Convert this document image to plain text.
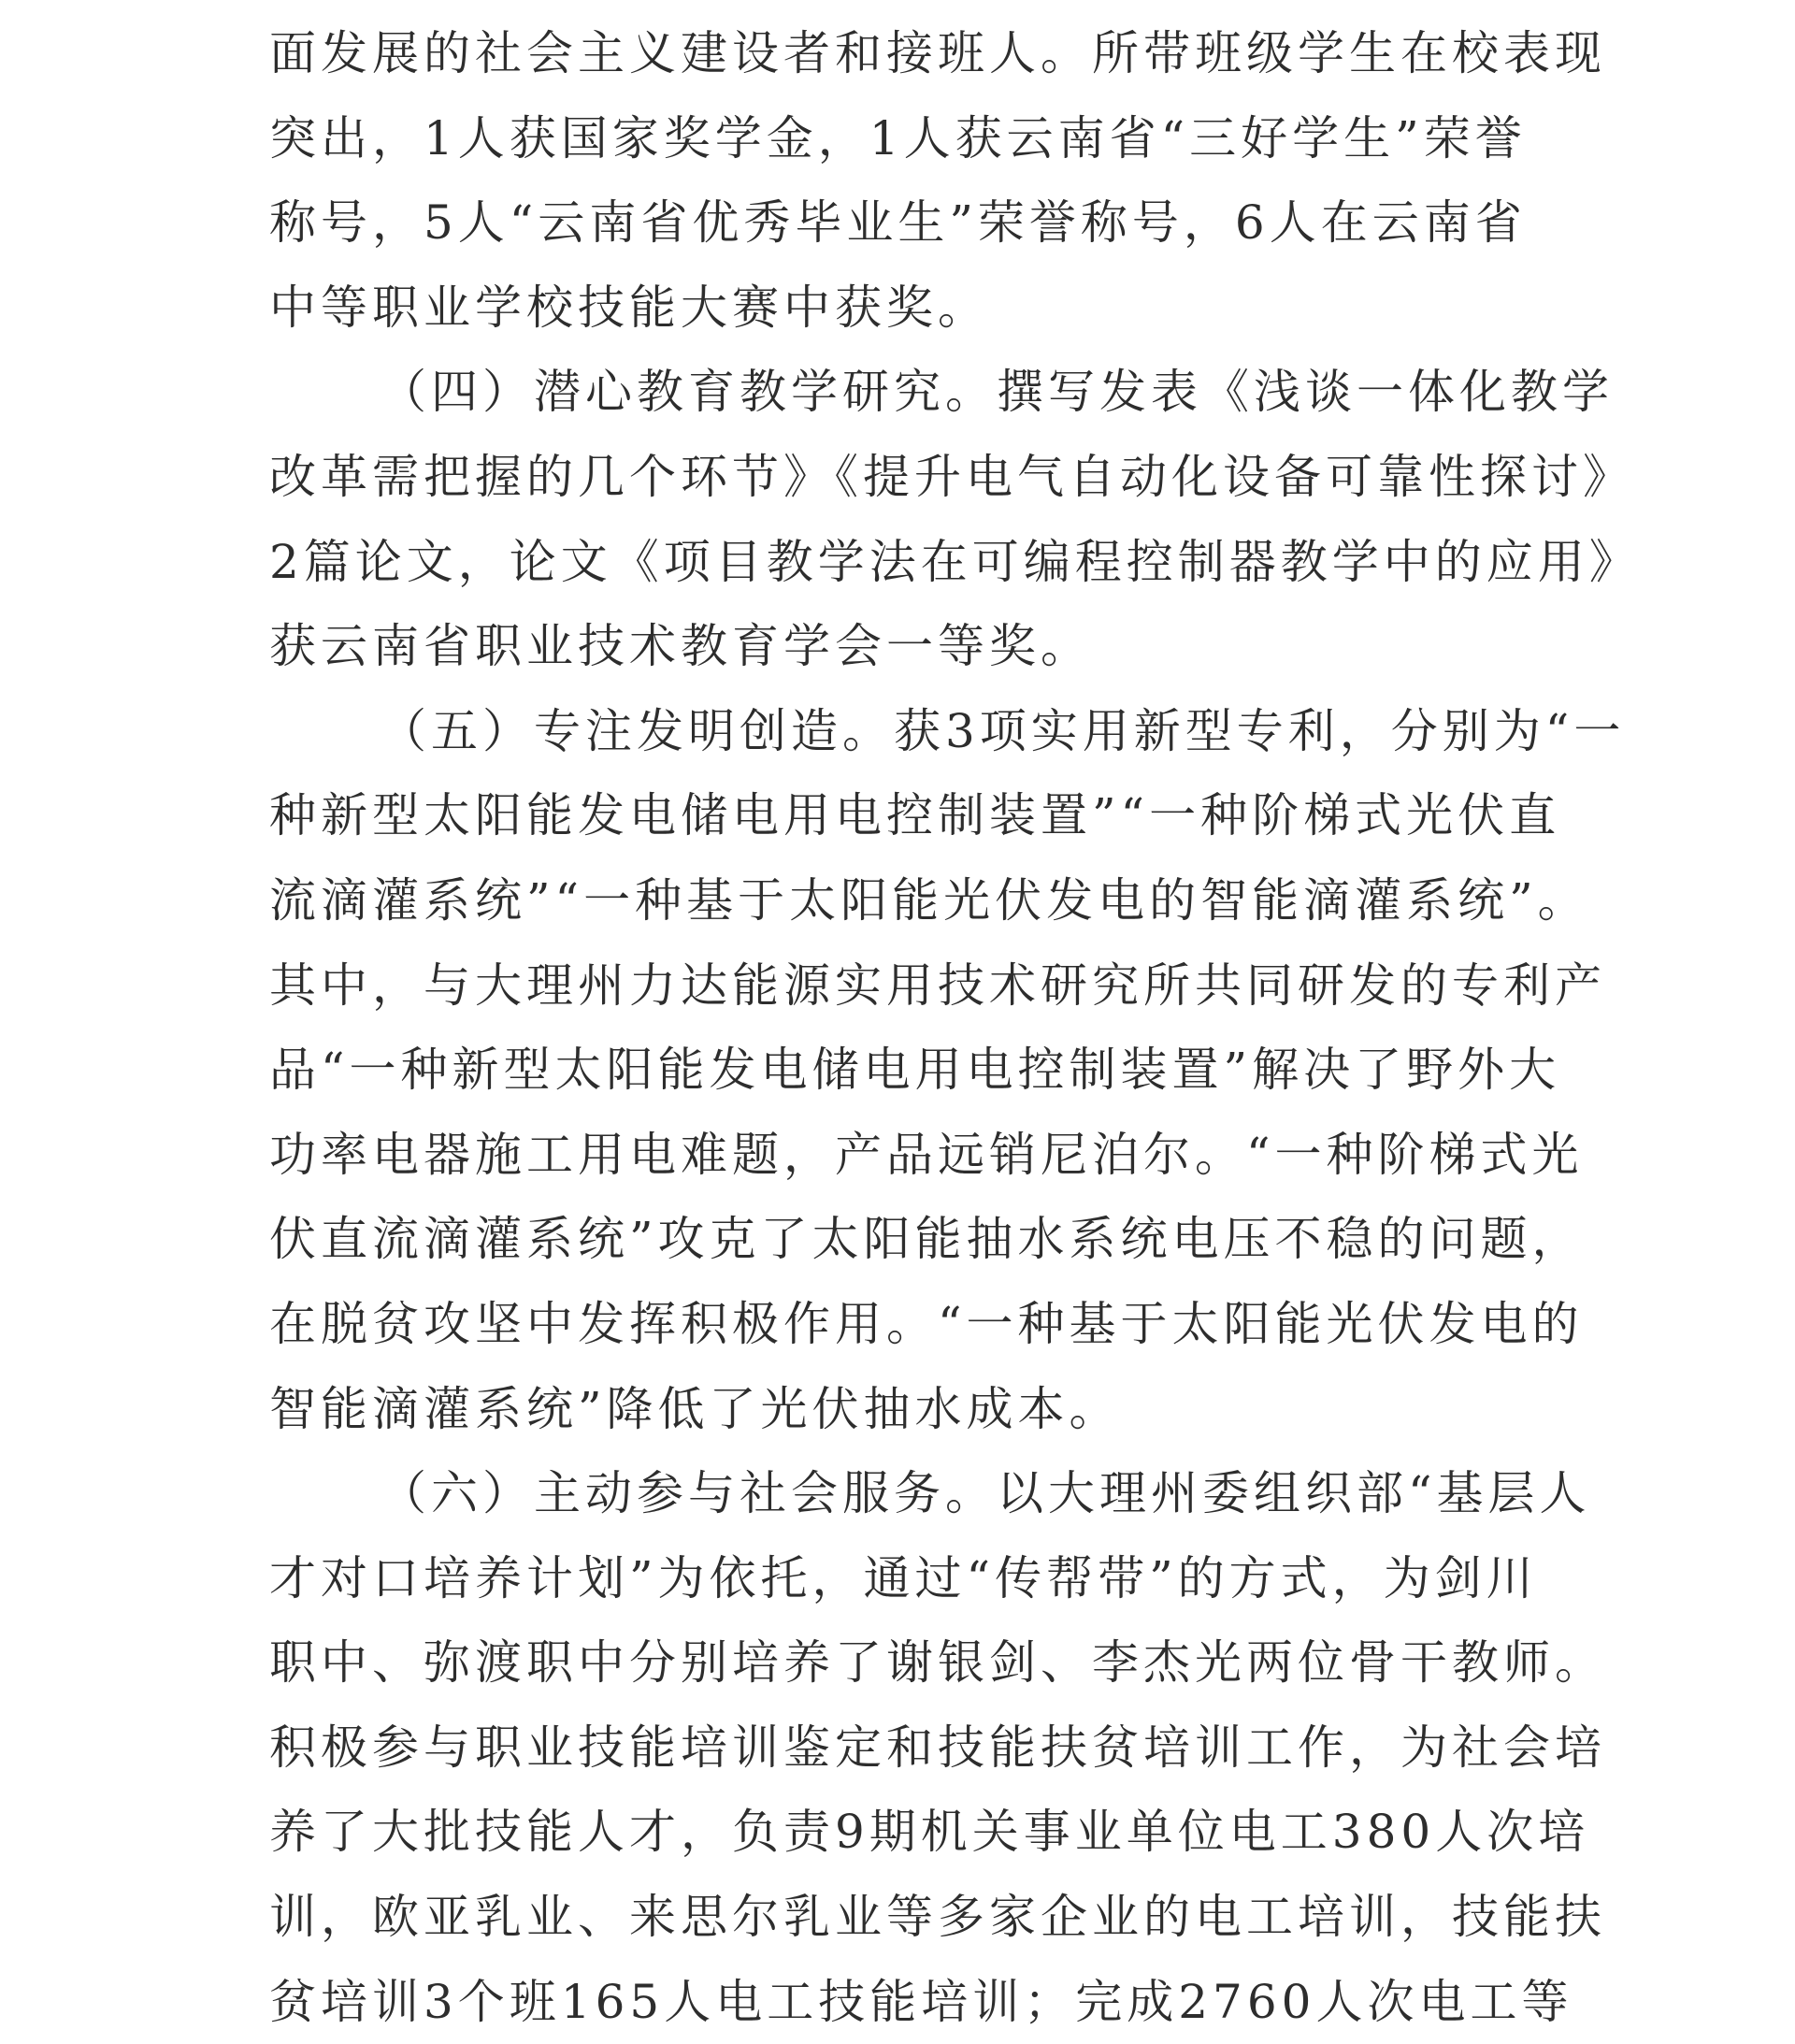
面发展的社会主义建设者和接班人。所带班级学生在校表现
突出，1人获国家奖学金，1人获云南省“三好学生”荣誉
称号，5人“云南省优秀毕业生”荣誉称号，6人在云南省
中等职业学校技能大赛中获奖。
（四）潜心教育教学研究。撰写发表《浅谈一体化教学
改革需把握的几个环节》《提升电气自动化设备可靠性探讨》
2篇论文，论文《项目教学法在可编程控制器教学中的应用》
获云南省职业技术教育学会一等奖。
（五）专注发明创造。获3项实用新型专利，分别为“一
种新型太阳能发电储电用电控制装置”“一种阶梯式光伏直
流滴灌系统”“一种基于太阳能光伏发电的智能滴灌系统”。
其中，与大理州力达能源实用技术研究所共同研发的专利产
品“一种新型太阳能发电储电用电控制装置”解决了野外大
功率电器施工用电难题，产品远销尼泊尔。“一种阶梯式光
伏直流滴灌系统”攻克了太阳能抽水系统电压不稳的问题，
在脱贫攻坚中发挥积极作用。“一种基于太阳能光伏发电的
智能滴灌系统”降低了光伏抽水成本。
（六）主动参与社会服务。以大理州委组织部“基层人
才对口培养计划”为依托，通过“传帮带”的方式，为剑川
职中、弥渡职中分别培养了谢银剑、李杰光两位骨干教师。
积极参与职业技能培训鉴定和技能扶贫培训工作，为社会培
养了大批技能人才，负责9期机关事业单位电工380人次培
训，欧亚乳业、来思尔乳业等多家企业的电工培训，技能扶
贫培训3个班165人电工技能培训；完成2760人次电工等
